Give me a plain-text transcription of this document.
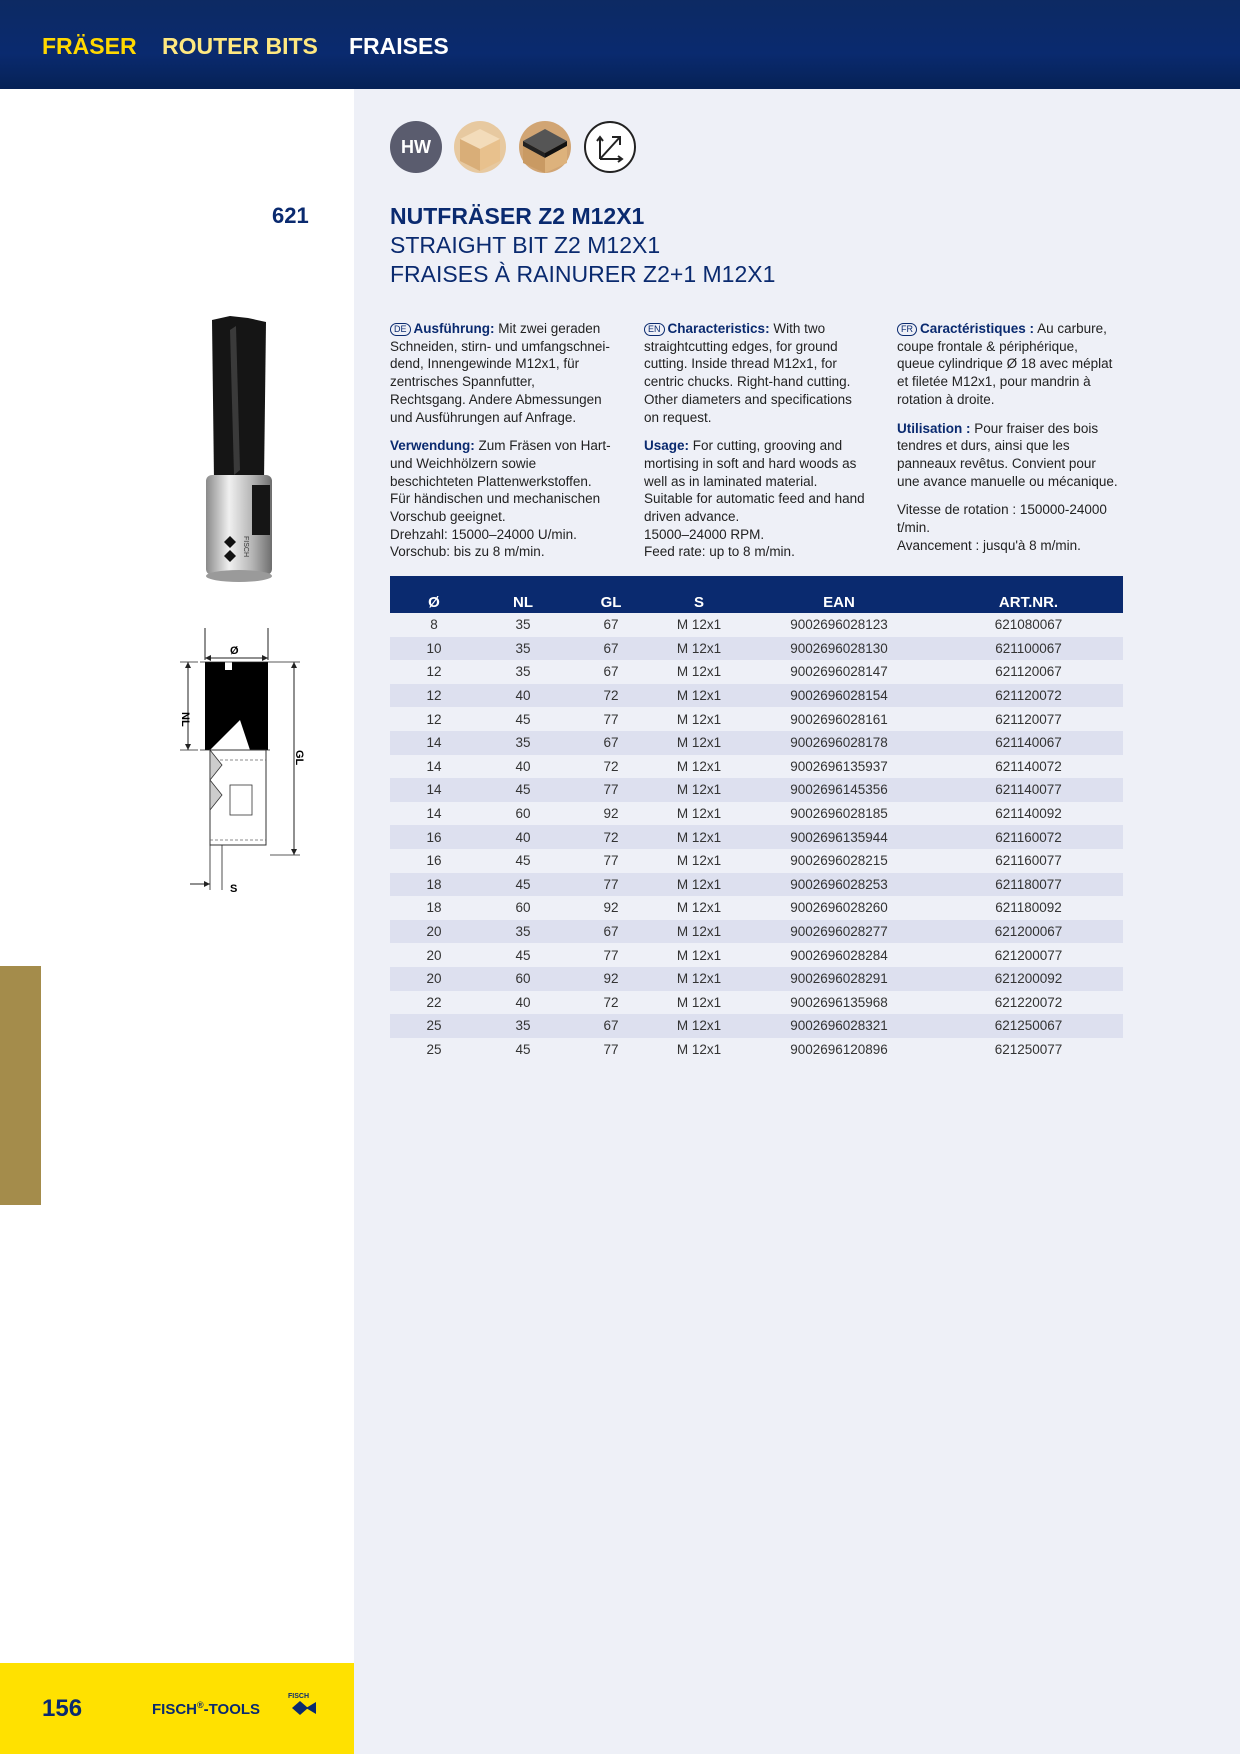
FRÄSER ROUTER BITS FRAISES
HW
621	NUTFRÄSER Z2 M12X1
STRAIGHT BIT Z2 M12X1
FRAISES À RAINURER Z2+1 M12X1
FISCH
Ø
NL
GL
S

DE Ausführung: Mit zwei geraden Schneiden, stirn- und umfangschneidend, Innengewinde M12x1, für zentrisches Spannfutter, Rechtsgang. Andere Abmessungen und Ausführungen auf Anfrage.

Verwendung: Zum Fräsen von Hart- und Weichhölzern sowie beschichteten Plattenwerkstoffen. Für händischen und mechanischen Vorschub geeignet.
Drehzahl: 15000–24000 U/min.
Vorschub: bis zu 8 m/min.

EN Characteristics: With two straightcutting edges, for ground cutting. Inside thread M12x1, for centric chucks. Right-hand cutting. Other diameters and specifications on request.

Usage: For cutting, grooving and mortising in soft and hard woods as well as in laminated material. Suitable for automatic feed and hand driven advance.
15000–24000 RPM.
Feed rate: up to 8 m/min.

FR Caractéristiques : Au carbure, coupe frontale & périphérique, queue cylindrique Ø 18 avec méplat et filetée M12x1, pour mandrin à rotation à droite.

Utilisation : Pour fraiser des bois tendres et durs, ainsi que les panneaux revêtus. Convient pour une avance manuelle ou mécanique.

Vitesse de rotation : 150000-24000 t/min.
Avancement : jusqu'à 8 m/min.

Ø	NL	GL	S	EAN	ART.NR.
8	35	67	M 12x1	9002696028123	621080067
10	35	67	M 12x1	9002696028130	621100067
12	35	67	M 12x1	9002696028147	621120067
12	40	72	M 12x1	9002696028154	621120072
12	45	77	M 12x1	9002696028161	621120077
14	35	67	M 12x1	9002696028178	621140067
14	40	72	M 12x1	9002696135937	621140072
14	45	77	M 12x1	9002696145356	621140077
14	60	92	M 12x1	9002696028185	621140092
16	40	72	M 12x1	9002696135944	621160072
16	45	77	M 12x1	9002696028215	621160077
18	45	77	M 12x1	9002696028253	621180077
18	60	92	M 12x1	9002696028260	621180092
20	35	67	M 12x1	9002696028277	621200067
20	45	77	M 12x1	9002696028284	621200077
20	60	92	M 12x1	9002696028291	621200092
22	40	72	M 12x1	9002696135968	621220072
25	35	67	M 12x1	9002696028321	621250067
25	45	77	M 12x1	9002696120896	621250077
156	FISCH®-TOOLS
FISCH
